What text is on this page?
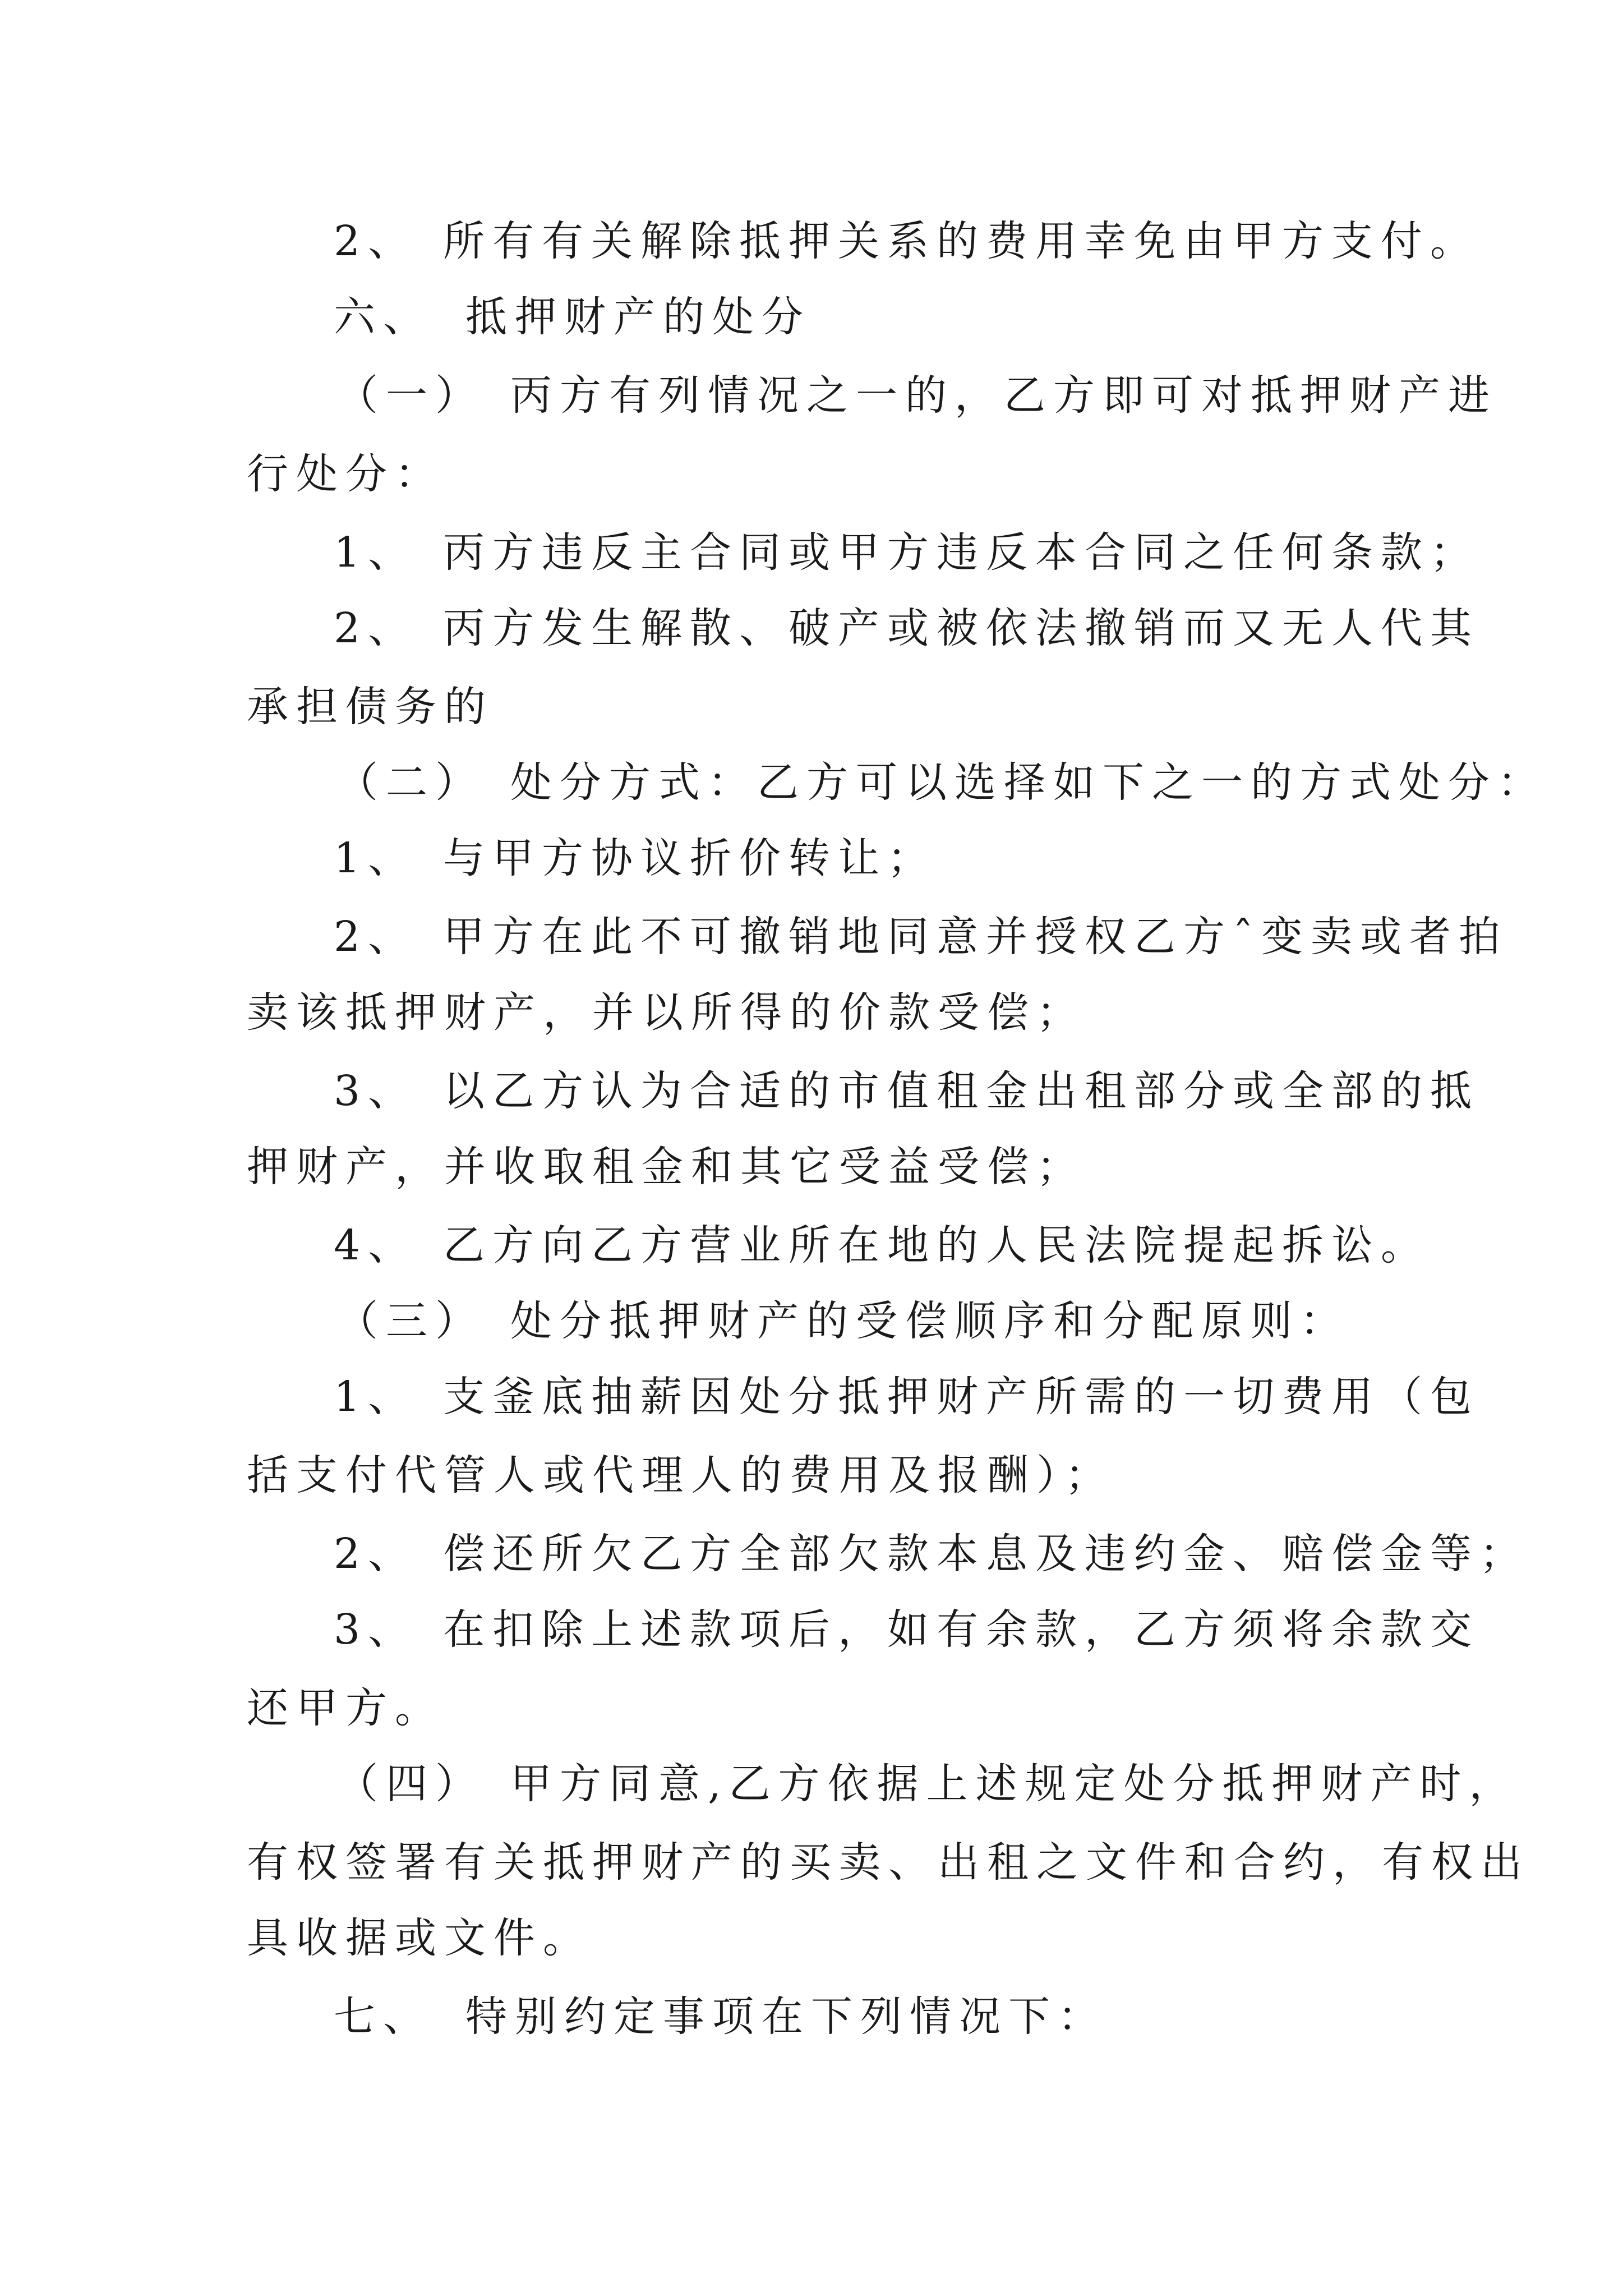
2、

所有有关解除抵押关系的费用幸免由甲方支付。

六、

抵押财产的处分

（一）

丙方有列情况之一的，乙方即可对抵押财产进

行处分：

1、

丙方违反主合同或甲方违反本合同之任何条款；

2、

丙方发生解散、破产或被依法撤销而又无人代其

承担债务的

（二）

处分方式：乙方可以选择如下之一的方式处分：

1、

与甲方协议折价转让；

2、

甲方在此不可撤销地同意并授权乙方ˆ变卖或者拍

卖该抵押财产，并以所得的价款受偿；

3、

以乙方认为合适的市值租金出租部分或全部的抵

押财产，并收取租金和其它受益受偿；

4、

乙方向乙方营业所在地的人民法院提起拆讼。

（三）

处分抵押财产的受偿顺序和分配原则：

1、

支釜底抽薪因处分抵押财产所需的一切费用（包

括支付代管人或代理人的费用及报酬）；

2、

偿还所欠乙方全部欠款本息及违约金、赔偿金等；

3、

在扣除上述款项后，如有余款，乙方须将余款交

还甲方。

（四）

甲方同意,乙方依据上述规定处分抵押财产时，

有权签署有关抵押财产的买卖、出租之文件和合约，有权出

具收据或文件。

七、

特别约定事项在下列情况下：
